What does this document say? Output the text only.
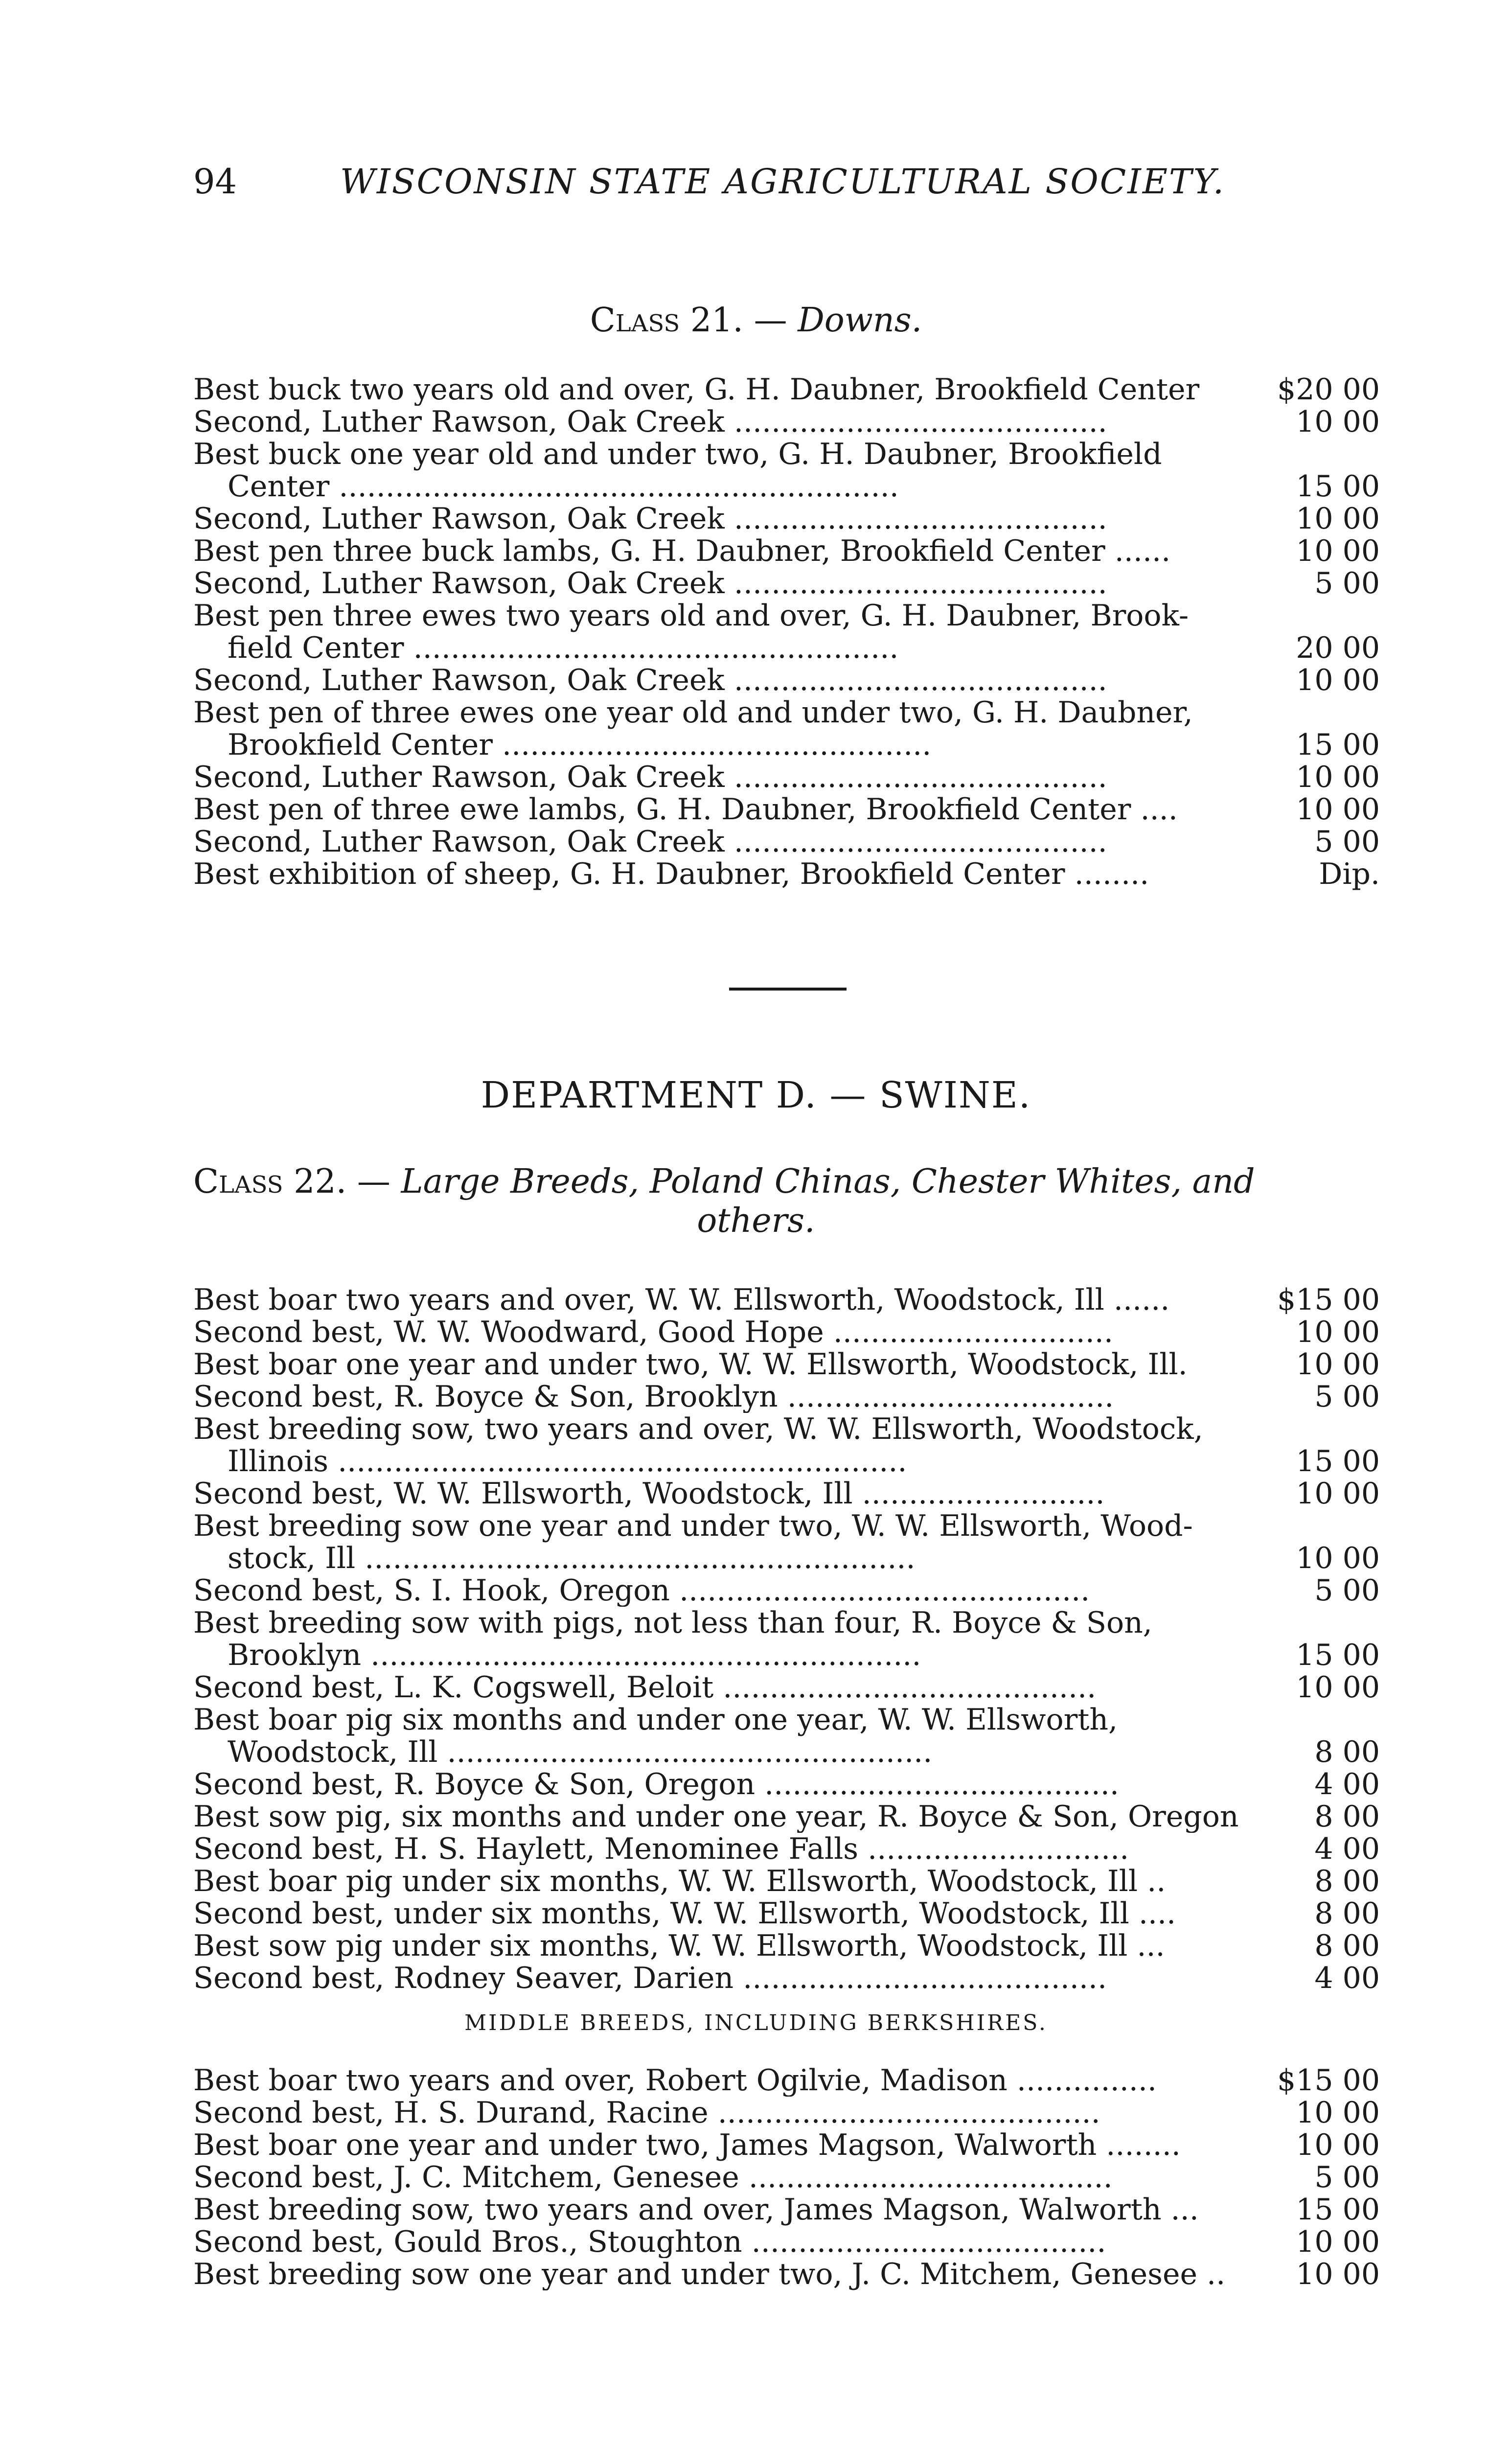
94	WISCONSIN STATE AGRICULTURAL SOCIETY.
Class 21. — Downs.
Best buck two years old and over, G. H. Daubner, Brookfield Center	$20 00
Second, Luther Rawson, Oak Creek ........................................	10 00
Best buck one year old and under two, G. H. Daubner, Brookfield
Center ............................................................	15 00
Second, Luther Rawson, Oak Creek ........................................	10 00
Best pen three buck lambs, G. H. Daubner, Brookfield Center ......	10 00
Second, Luther Rawson, Oak Creek ........................................	5 00
Best pen three ewes two years old and over, G. H. Daubner, Brook-
field Center ....................................................	20 00
Second, Luther Rawson, Oak Creek ........................................	10 00
Best pen of three ewes one year old and under two, G. H. Daubner,
Brookfield Center ..............................................	15 00
Second, Luther Rawson, Oak Creek ........................................	10 00
Best pen of three ewe lambs, G. H. Daubner, Brookfield Center ....	10 00
Second, Luther Rawson, Oak Creek ........................................	5 00
Best exhibition of sheep, G. H. Daubner, Brookfield Center ........	Dip.
DEPARTMENT D. — SWINE.
Class 22. — Large Breeds, Poland Chinas, Chester Whites, and
others.
Best boar two years and over, W. W. Ellsworth, Woodstock, Ill ......	$15 00
Second best, W. W. Woodward, Good Hope ..............................	10 00
Best boar one year and under two, W. W. Ellsworth, Woodstock, Ill.	10 00
Second best, R. Boyce & Son, Brooklyn ...................................	5 00
Best breeding sow, two years and over, W. W. Ellsworth, Woodstock,
Illinois .............................................................	15 00
Second best, W. W. Ellsworth, Woodstock, Ill ..........................	10 00
Best breeding sow one year and under two, W. W. Ellsworth, Wood-
stock, Ill ...........................................................	10 00
Second best, S. I. Hook, Oregon ............................................	5 00
Best breeding sow with pigs, not less than four, R. Boyce & Son,
Brooklyn ...........................................................	15 00
Second best, L. K. Cogswell, Beloit ........................................	10 00
Best boar pig six months and under one year, W. W. Ellsworth,
Woodstock, Ill ....................................................	8 00
Second best, R. Boyce & Son, Oregon ......................................	4 00
Best sow pig, six months and under one year, R. Boyce & Son, Oregon	8 00
Second best, H. S. Haylett, Menominee Falls ............................	4 00
Best boar pig under six months, W. W. Ellsworth, Woodstock, Ill ..	8 00
Second best, under six months, W. W. Ellsworth, Woodstock, Ill ....	8 00
Best sow pig under six months, W. W. Ellsworth, Woodstock, Ill ...	8 00
Second best, Rodney Seaver, Darien .......................................	4 00
MIDDLE BREEDS, INCLUDING BERKSHIRES.
Best boar two years and over, Robert Ogilvie, Madison ...............	$15 00
Second best, H. S. Durand, Racine .........................................	10 00
Best boar one year and under two, James Magson, Walworth ........	10 00
Second best, J. C. Mitchem, Genesee .......................................	5 00
Best breeding sow, two years and over, James Magson, Walworth ...	15 00
Second best, Gould Bros., Stoughton ......................................	10 00
Best breeding sow one year and under two, J. C. Mitchem, Genesee ..	10 00
